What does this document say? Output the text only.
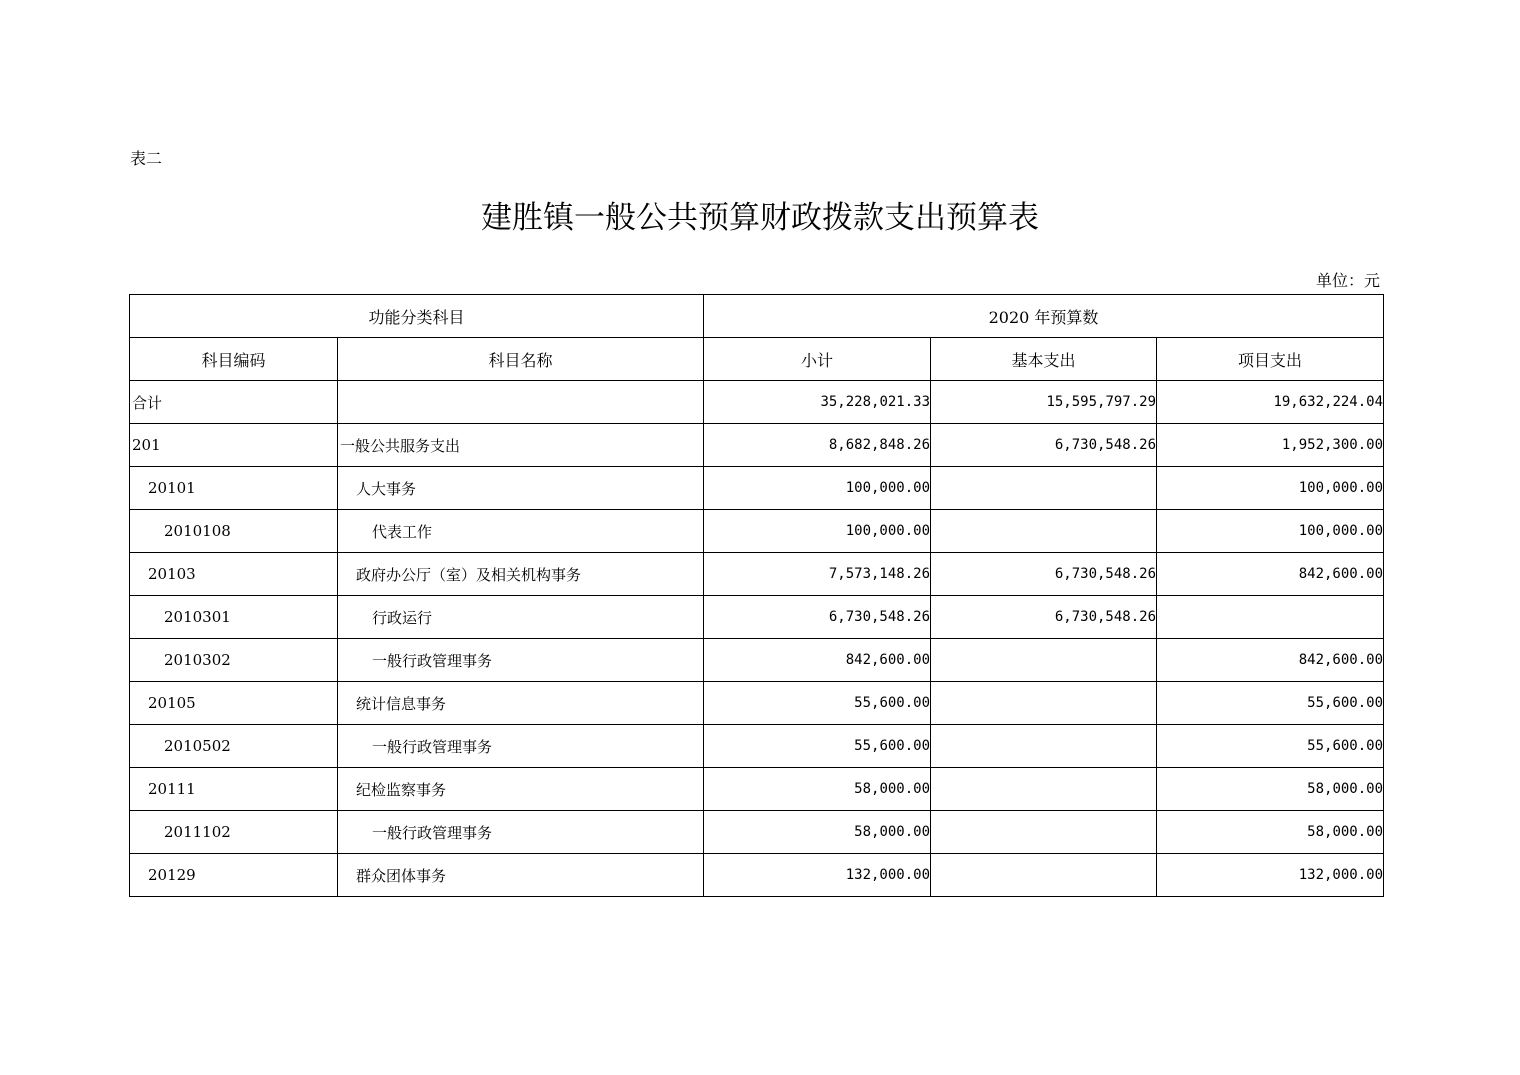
表二
建胜镇一般公共预算财政拨款支出预算表
单位：元
功能分类科目		2020 年预算数		
科目编码	科目名称	小计	基本支出	项目支出
合计		35,228,021.33	15,595,797.29	19,632,224.04
201	一般公共服务支出	8,682,848.26	6,730,548.26	1,952,300.00
20101	人大事务	100,000.00		100,000.00
2010108	代表工作	100,000.00		100,000.00
20103	政府办公厅（室）及相关机构事务	7,573,148.26	6,730,548.26	842,600.00
2010301	行政运行	6,730,548.26	6,730,548.26	
2010302	一般行政管理事务	842,600.00		842,600.00
20105	统计信息事务	55,600.00		55,600.00
2010502	一般行政管理事务	55,600.00		55,600.00
20111	纪检监察事务	58,000.00		58,000.00
2011102	一般行政管理事务	58,000.00		58,000.00
20129	群众团体事务	132,000.00		132,000.00
